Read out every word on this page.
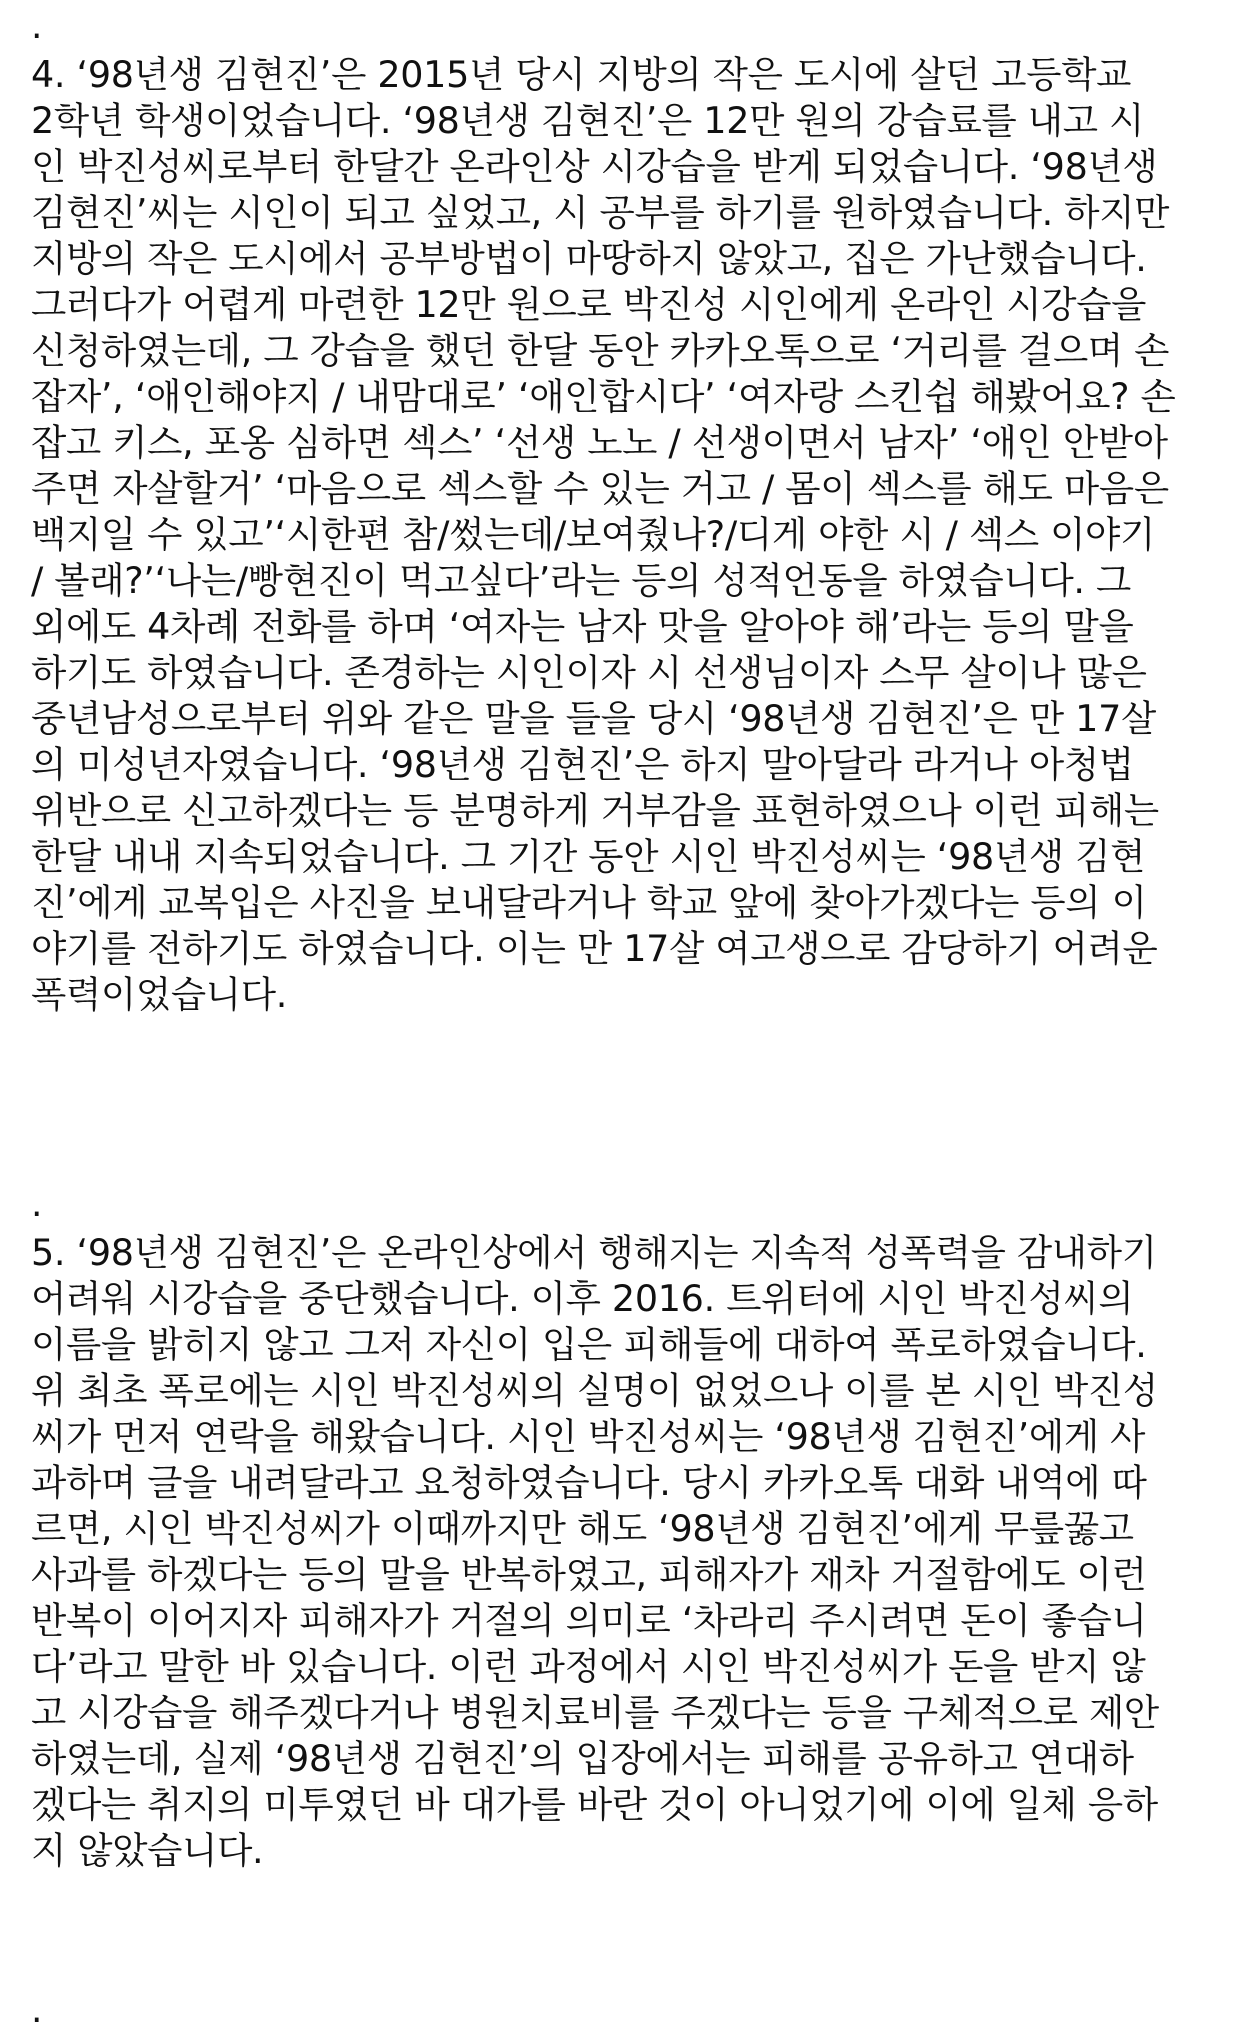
.
4. ‘98년생 김현진’은 2015년 당시 지방의 작은 도시에 살던 고등학교
2학년 학생이었습니다. ‘98년생 김현진’은 12만 원의 강습료를 내고 시
인 박진성씨로부터 한달간 온라인상 시강습을 받게 되었습니다. ‘98년생
김현진’씨는 시인이 되고 싶었고, 시 공부를 하기를 원하였습니다. 하지만
지방의 작은 도시에서 공부방법이 마땅하지 않았고, 집은 가난했습니다.
그러다가 어렵게 마련한 12만 원으로 박진성 시인에게 온라인 시강습을
신청하였는데, 그 강습을 했던 한달 동안 카카오톡으로 ‘거리를 걸으며 손
잡자’, ‘애인해야지 / 내맘대로’ ‘애인합시다’ ‘여자랑 스킨쉽 해봤어요? 손
잡고 키스, 포옹 심하면 섹스’ ‘선생 노노 / 선생이면서 남자’ ‘애인 안받아
주면 자살할거’ ‘마음으로 섹스할 수 있는 거고 / 몸이 섹스를 해도 마음은
백지일 수 있고’‘시한편 참/썼는데/보여줬나?/디게 야한 시 / 섹스 이야기
/ 볼래?’‘나는/빵현진이 먹고싶다’라는 등의 성적언동을 하였습니다. 그
외에도 4차례 전화를 하며 ‘여자는 남자 맛을 알아야 해’라는 등의 말을
하기도 하였습니다. 존경하는 시인이자 시 선생님이자 스무 살이나 많은
중년남성으로부터 위와 같은 말을 들을 당시 ‘98년생 김현진’은 만 17살
의 미성년자였습니다. ‘98년생 김현진’은 하지 말아달라 라거나 아청법
위반으로 신고하겠다는 등 분명하게 거부감을 표현하였으나 이런 피해는
한달 내내 지속되었습니다. 그 기간 동안 시인 박진성씨는 ‘98년생 김현
진’에게 교복입은 사진을 보내달라거나 학교 앞에 찾아가겠다는 등의 이
야기를 전하기도 하였습니다. 이는 만 17살 여고생으로 감당하기 어려운
폭력이었습니다.
.
5. ‘98년생 김현진’은 온라인상에서 행해지는 지속적 성폭력을 감내하기
어려워 시강습을 중단했습니다. 이후 2016. 트위터에 시인 박진성씨의
이름을 밝히지 않고 그저 자신이 입은 피해들에 대하여 폭로하였습니다.
위 최초 폭로에는 시인 박진성씨의 실명이 없었으나 이를 본 시인 박진성
씨가 먼저 연락을 해왔습니다. 시인 박진성씨는 ‘98년생 김현진’에게 사
과하며 글을 내려달라고 요청하였습니다. 당시 카카오톡 대화 내역에 따
르면, 시인 박진성씨가 이때까지만 해도 ‘98년생 김현진’에게 무릎꿇고
사과를 하겠다는 등의 말을 반복하였고, 피해자가 재차 거절함에도 이런
반복이 이어지자 피해자가 거절의 의미로 ‘차라리 주시려면 돈이 좋습니
다’라고 말한 바 있습니다. 이런 과정에서 시인 박진성씨가 돈을 받지 않
고 시강습을 해주겠다거나 병원치료비를 주겠다는 등을 구체적으로 제안
하였는데, 실제 ‘98년생 김현진’의 입장에서는 피해를 공유하고 연대하
겠다는 취지의 미투였던 바 대가를 바란 것이 아니었기에 이에 일체 응하
지 않았습니다.
.
